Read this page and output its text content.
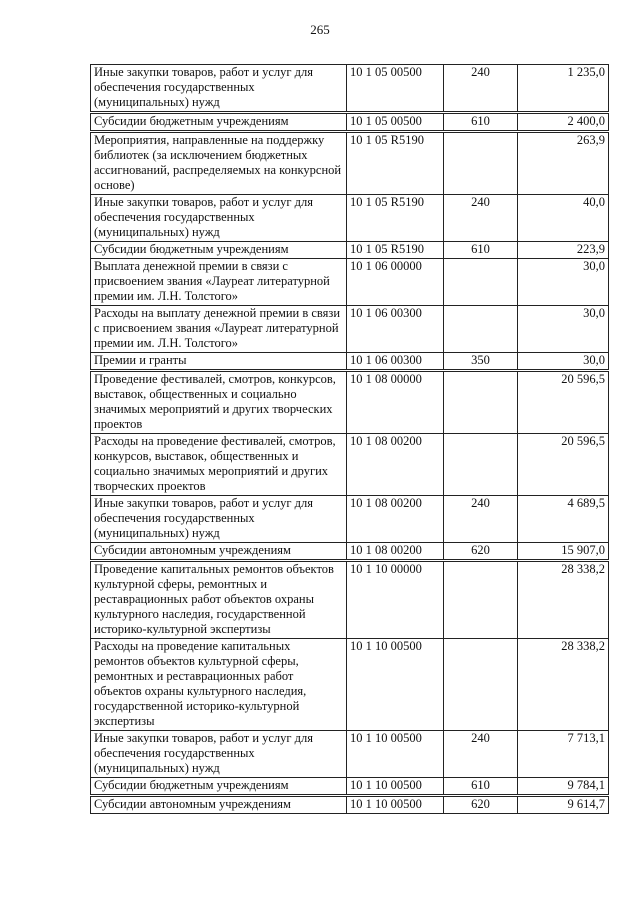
265
Иные закупки товаров, работ и услуг для обеспечения государственных (муниципальных) нужд	10 1 05 00500	240	1 235,0
Субсидии бюджетным учреждениям	10 1 05 00500	610	2 400,0
Мероприятия, направленные на поддержку библиотек (за исключением бюджетных ассигнований, распределяемых на конкурсной основе)	10 1 05 R5190		263,9
Иные закупки товаров, работ и услуг для обеспечения государственных (муниципальных) нужд	10 1 05 R5190	240	40,0
Субсидии бюджетным учреждениям	10 1 05 R5190	610	223,9
Выплата денежной премии в связи с присвоением звания «Лауреат литературной премии им. Л.Н. Толстого»	10 1 06 00000		30,0
Расходы на выплату денежной премии в связи с присвоением звания «Лауреат литературной премии им. Л.Н. Толстого»	10 1 06 00300		30,0
Премии и гранты	10 1 06 00300	350	30,0
Проведение фестивалей, смотров, конкурсов, выставок, общественных и социально значимых мероприятий и других творческих проектов	10 1 08 00000		20 596,5
Расходы на проведение фестивалей, смотров, конкурсов, выставок, общественных и социально значимых мероприятий и других творческих проектов	10 1 08 00200		20 596,5
Иные закупки товаров, работ и услуг для обеспечения государственных (муниципальных) нужд	10 1 08 00200	240	4 689,5
Субсидии автономным учреждениям	10 1 08 00200	620	15 907,0
Проведение капитальных ремонтов объектов культурной сферы, ремонтных и реставрационных работ объектов охраны культурного наследия, государственной историко-культурной экспертизы	10 1 10 00000		28 338,2
Расходы на проведение капитальных ремонтов объектов культурной сферы, ремонтных и реставрационных работ объектов охраны культурного наследия, государственной историко-культурной экспертизы	10 1 10 00500		28 338,2
Иные закупки товаров, работ и услуг для обеспечения государственных (муниципальных) нужд	10 1 10 00500	240	7 713,1
Субсидии бюджетным учреждениям	10 1 10 00500	610	9 784,1
Субсидии автономным учреждениям	10 1 10 00500	620	9 614,7
